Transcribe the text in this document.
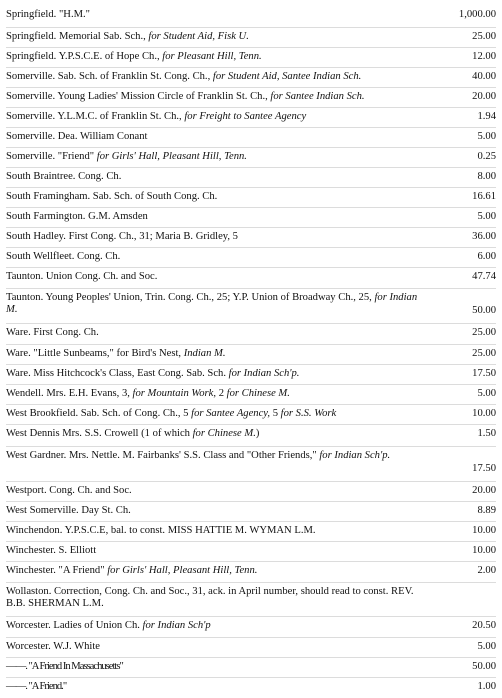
Springfield. "H.M."	1,000.00
Springfield. Memorial Sab. Sch., for Student Aid, Fisk U.	25.00
Springfield. Y.P.S.C.E. of Hope Ch., for Pleasant Hill, Tenn.	12.00
Somerville. Sab. Sch. of Franklin St. Cong. Ch., for Student Aid, Santee Indian Sch.	40.00
Somerville. Young Ladies' Mission Circle of Franklin St. Ch., for Santee Indian Sch.	20.00
Somerville. Y.L.M.C. of Franklin St. Ch., for Freight to Santee Agency	1.94
Somerville. Dea. William Conant	5.00
Somerville. "Friend" for Girls' Hall, Pleasant Hill, Tenn.	0.25
South Braintree. Cong. Ch.	8.00
South Framingham. Sab. Sch. of South Cong. Ch.	16.61
South Farmington. G.M. Amsden	5.00
South Hadley. First Cong. Ch., 31; Maria B. Gridley, 5	36.00
South Wellfleet. Cong. Ch.	6.00
Taunton. Union Cong. Ch. and Soc.	47.74
Taunton. Young Peoples' Union, Trin. Cong. Ch., 25; Y.P. Union of Broadway Ch., 25, for Indian M.	50.00
Ware. First Cong. Ch.	25.00
Ware. "Little Sunbeams," for Bird's Nest, Indian M.	25.00
Ware. Miss Hitchcock's Class, East Cong. Sab. Sch. for Indian Sch'p.	17.50
Wendell. Mrs. E.H. Evans, 3, for Mountain Work, 2 for Chinese M.	5.00
West Brookfield. Sab. Sch. of Cong. Ch., 5 for Santee Agency, 5 for S.S. Work	10.00
West Dennis Mrs. S.S. Crowell (1 of which for Chinese M.)	1.50
West Gardner. Mrs. Nettle. M. Fairbanks' S.S. Class and "Other Friends," for Indian Sch'p.
17.50
Westport. Cong. Ch. and Soc.	20.00
West Somerville. Day St. Ch.	8.89
Winchendon. Y.P.S.C.E, bal. to const. MISS HATTIE M. WYMAN L.M.	10.00
Winchester. S. Elliott	10.00
Winchester. "A Friend" for Girls' Hall, Pleasant Hill, Tenn.	2.00
Wollaston. Correction, Cong. Ch. and Soc., 31, ack. in April number, should read to const. REV. B.B. SHERMAN L.M.
Worcester. Ladies of Union Ch. for Indian Sch'p	20.50
Worcester. W.J. White	5.00
——. "A Friend In Massachusetts"	50.00
——. "A Friend."	1.00
